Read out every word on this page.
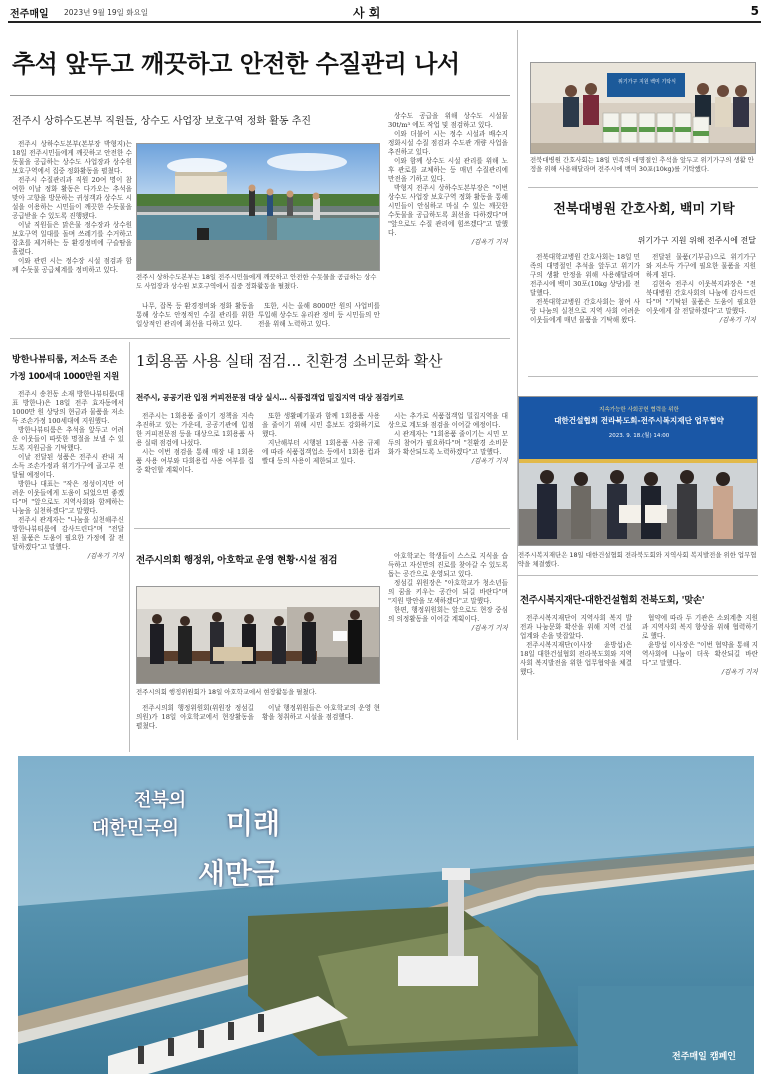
전주매일 2023년 9월 19일 화요일	사 회	5
추석 앞두고 깨끗하고 안전한 수질관리 나서
전주시 상하수도본부 직원들, 상수도 사업장 보호구역 정화 활동 추진

전주시 상하수도본부(본부장 박형지)는 18일 전주시민들에게 깨끗하고 안전한 수돗물을 공급하는 상수도 사업장과 상수원 보호구역에서 집중 정화활동을 펼쳤다.

전주시 수질관리과 직원 20여 명이 참여한 이날 정화 활동은 다가오는 추석을 맞아 고향을 방문하는 귀성객과 상수도 시설을 이용하는 시민들이 깨끗한 수돗물을 공급받을 수 있도록 진행됐다.

이날 직원들은 맑은물 정수장과 상수원 보호구역 일대를 돌며 쓰레기를 수거하고 잡초를 제거하는 등 환경정비에 구슬땀을 흘렸다.

이와 관련 시는 정수장 시설 점검과 함께 수돗물 공급체계를 정비하고 있다.

전주시 상하수도본부는 18일 전주시민들에게 깨끗하고 안전한 수돗물을 공급하는 상수도 사업장과 상수원 보호구역에서 집중 정화활동을 펼쳤다.

나무, 잡목 등 환경정비와 정화 활동을 통해 상수도 안정적인 수질 관리를 위한 일상적인 관리에 최선을 다하고 있다.

또한, 시는 올해 8000만 원의 사업비를 투입해 상수도 유리관 정비 등 시민들의 안전을 위해 노력하고 있다.

상수도 공급을 위해 상수도 시설물 30t/m³ 에도 작업 및 점검하고 있다.

이와 더불어 시는 정수 시설과 배수지 정화시설 수질 점검과 수도관 개량 사업을 추진하고 있다.

이와 함께 상수도 시설 관리를 위해 노후 관로를 교체하는 등 매년 수질관리에 만전을 기하고 있다.

박형지 전주시 상하수도본부장은 "이번 상수도 사업장 보호구역 정화 활동을 통해 시민들이 안심하고 마실 수 있는 깨끗한 수돗물을 공급하도록 최선을 다하겠다"며 "앞으로도 수질 관리에 힘쓰겠다"고 말했다.

/김옥기 기자

위기가구 지원 백미 기탁식
전북대병원 간호사회는 18일 민족의 대명절인 추석을 앞두고 위기가구의 생활 안정을 위해 사용해달라며 전주시에 백미 30포(10kg)를 기탁했다.
전북대병원 간호사회, 백미 기탁
위기가구 지원 위해 전주시에 전달

전북대학교병원 간호사회는 18일 민족의 대명절인 추석을 앞두고 위기가구의 생활 안정을 위해 사용해달라며 전주시에 백미 30포(10kg 상당)를 전달했다.

전북대학교병원 간호사회는 참여 사랑 나눔의 실천으로 지역 사회 어려운 이웃들에게 매년 물품을 기탁해 왔다.

전달된 물품(기부금)으로 위기가구와 저소득 가구에 필요한 물품을 지원하게 된다.

김현숙 전주시 이웃복지과장은 "전북대병원 간호사회의 나눔에 감사드린다"며 "기탁된 물품은 도움이 필요한 이웃에게 잘 전달하겠다"고 말했다.

/김옥기 기자

방한나뷰티룸, 저소득 조손
가정 100세대 1000만원 지원

전주시 송천동 소재 방한나뷰티룸(대표 방한나)은 18일 전주 효자동에서 1000만 원 상당의 현금과 물품을 저소득 조손가정 100세대에 지원했다.

방한나뷰티룸은 추석을 앞두고 어려운 이웃들이 따뜻한 명절을 보낼 수 있도록 지원금을 기탁했다.

이날 전달된 성품은 전주시 관내 저소득 조손가정과 위기가구에 골고루 전달될 예정이다.

방한나 대표는 "작은 정성이지만 어려운 이웃들에게 도움이 되었으면 좋겠다"며 "앞으로도 지역사회와 함께하는 나눔을 실천하겠다"고 말했다.

전주시 관계자는 "나눔을 실천해주신 방한나뷰티룸에 감사드린다"며 "전달된 물품은 도움이 필요한 가정에 잘 전달하겠다"고 말했다.

/김옥기 기자

1회용품 사용 실태 점검… 친환경 소비문화 확산
전주시, 공공기관 입점 커피전문점 대상 실시… 식품접객업 밀집지역 대상 점검키로

전주시는 1회용품 줄이기 정책을 지속 추진하고 있는 가운데, 공공기관에 입점한 커피전문점 등을 대상으로 1회용품 사용 실태 점검에 나섰다.

시는 이번 점검을 통해 매장 내 1회용품 사용 여부와 다회용컵 사용 여부를 집중 확인할 계획이다.

또한 생활폐기물과 함께 1회용품 사용을 줄이기 위해 시민 홍보도 강화하기로 했다.

지난해부터 시행된 1회용품 사용 규제에 따라 식품접객업소 등에서 1회용 컵과 빨대 등의 사용이 제한되고 있다.

시는 추가로 식품접객업 밀집지역을 대상으로 계도와 점검을 이어갈 예정이다.

시 관계자는 "1회용품 줄이기는 시민 모두의 참여가 필요하다"며 "친환경 소비문화가 확산되도록 노력하겠다"고 말했다.

/김옥기 기자

전주시의회 행정위, 아호학교 운영 현황·시설 점검
전주시의회 행정위원회가 18일 아호학교에서 현장활동을 펼쳤다.

전주시의회 행정위원회(위원장 정섬길 의원)가 18일 아호학교에서 현장활동을 펼쳤다.

이날 행정위원들은 아호학교의 운영 현황을 청취하고 시설을 점검했다.

아호학교는 학생들이 스스로 지식을 습득하고 자신만의 진로를 찾아갈 수 있도록 돕는 공간으로 운영되고 있다.

정섬길 위원장은 "아호학교가 청소년들의 꿈을 키우는 공간이 되길 바란다"며 "지원 방안을 모색하겠다"고 말했다.

한편, 행정위원회는 앞으로도 현장 중심의 의정활동을 이어갈 계획이다.

/김옥기 기자

지속가능한 사회공헌 협력을 위한
대한건설협회 전라북도회-전주시복지재단 업무협약
2023. 9. 18.(월) 14:00
전주시복지재단은 18일 대한건설협회 전라북도회와 지역사회 복지발전을 위한 업무협약을 체결했다.
전주시복지재단-대한건설협회 전북도회, '맞손'

전주시복지재단이 지역사회 복지 발전과 나눔문화 확산을 위해 지역 건설업계와 손을 맞잡았다.

전주시복지재단(이사장 윤방섭)은 18일 대한건설협회 전라북도회와 지역사회 복지발전을 위한 업무협약을 체결했다.

협약에 따라 두 기관은 소외계층 지원과 지역사회 복지 향상을 위해 협력하기로 했다.

윤방섭 이사장은 "이번 협약을 통해 지역사회에 나눔이 더욱 확산되길 바란다"고 말했다.

/김옥기 기자

전북의
대한민국의 미래
새만금
전주매일 캠페인
